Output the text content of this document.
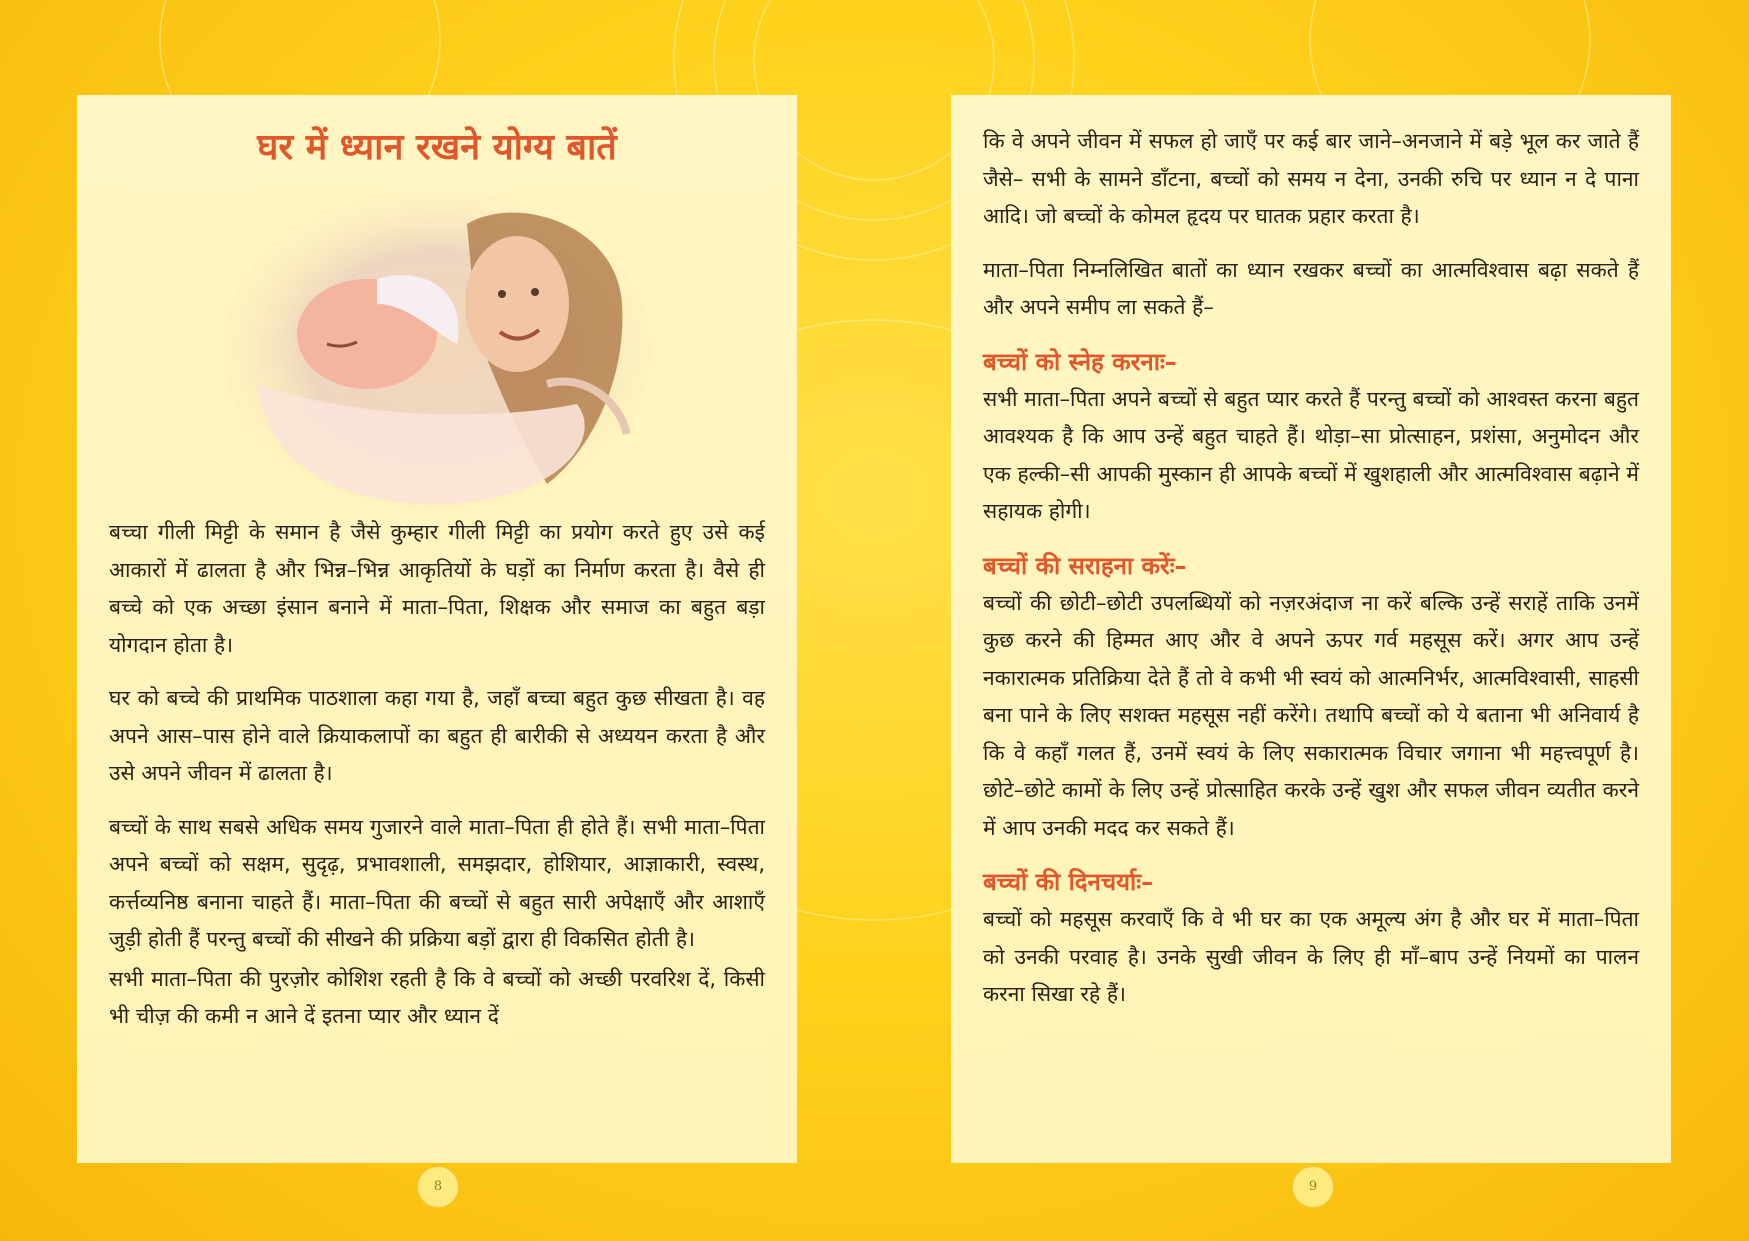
घर में ध्यान रखने योग्य बातें

बच्चा गीली मिट्टी के समान है जैसे कुम्हार गीली मिट्टी का प्रयोग करते हुए उसे कई आकारों में ढालता है और भिन्न–भिन्न आकृतियों के घड़ों का निर्माण करता है। वैसे ही बच्चे को एक अच्छा इंसान बनाने में माता–पिता, शिक्षक और समाज का बहुत बड़ा योगदान होता है।

घर को बच्चे की प्राथमिक पाठशाला कहा गया है, जहाँ बच्चा बहुत कुछ सीखता है। वह अपने आस–पास होने वाले क्रियाकलापों का बहुत ही बारीकी से अध्ययन करता है और उसे अपने जीवन में ढालता है।

बच्चों के साथ सबसे अधिक समय गुजारने वाले माता–पिता ही होते हैं। सभी माता–पिता अपने बच्चों को सक्षम, सुदृढ़, प्रभावशाली, समझदार, होशियार, आज्ञाकारी, स्वस्थ, कर्त्तव्यनिष्ठ बनाना चाहते हैं। माता–पिता की बच्चों से बहुत सारी अपेक्षाएँ और आशाएँ जुड़ी होती हैं परन्तु बच्चों की सीखने की प्रक्रिया बड़ों द्वारा ही विकसित होती है।

सभी माता–पिता की पुरज़ोर कोशिश रहती है कि वे बच्चों को अच्छी परवरिश दें, किसी भी चीज़ की कमी न आने दें इतना प्यार और ध्यान दें

कि वे अपने जीवन में सफल हो जाएँ पर कई बार जाने–अनजाने में बड़े भूल कर जाते हैं जैसे– सभी के सामने डाँटना, बच्चों को समय न देना, उनकी रुचि पर ध्यान न दे पाना आदि। जो बच्चों के कोमल हृदय पर घातक प्रहार करता है।

माता–पिता निम्नलिखित बातों का ध्यान रखकर बच्चों का आत्मविश्वास बढ़ा सकते हैं और अपने समीप ला सकते हैं–

बच्चों को स्नेह करनाः–

सभी माता–पिता अपने बच्चों से बहुत प्यार करते हैं परन्तु बच्चों को आश्वस्त करना बहुत आवश्यक है कि आप उन्हें बहुत चाहते हैं। थोड़ा–सा प्रोत्साहन, प्रशंसा, अनुमोदन और एक हल्की–सी आपकी मुस्कान ही आपके बच्चों में खुशहाली और आत्मविश्वास बढ़ाने में सहायक होगी।

बच्चों की सराहना करेंः–

बच्चों की छोटी–छोटी उपलब्धियों को नज़रअंदाज ना करें बल्कि उन्हें सराहें ताकि उनमें कुछ करने की हिम्मत आए और वे अपने ऊपर गर्व महसूस करें। अगर आप उन्हें नकारात्मक प्रतिक्रिया देते हैं तो वे कभी भी स्वयं को आत्मनिर्भर, आत्मविश्वासी, साहसी बना पाने के लिए सशक्त महसूस नहीं करेंगे। तथापि बच्चों को ये बताना भी अनिवार्य है कि वे कहाँ गलत हैं, उनमें स्वयं के लिए सकारात्मक विचार जगाना भी महत्त्वपूर्ण है। छोटे–छोटे कामों के लिए उन्हें प्रोत्साहित करके उन्हें खुश और सफल जीवन व्यतीत करने में आप उनकी मदद कर सकते हैं।

बच्चों की दिनचर्याः–

बच्चों को महसूस करवाएँ कि वे भी घर का एक अमूल्य अंग है और घर में माता–पिता को उनकी परवाह है। उनके सुखी जीवन के लिए ही माँ–बाप उन्हें नियमों का पालन करना सिखा रहे हैं।

8	9
